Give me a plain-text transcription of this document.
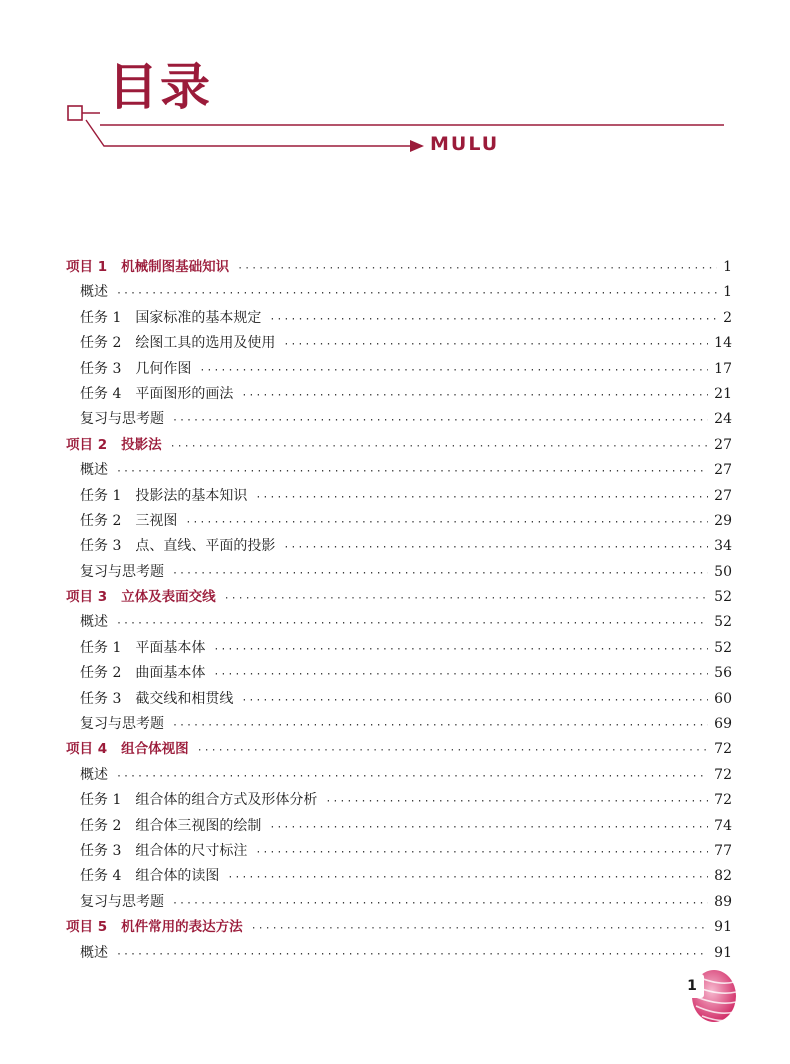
目录
MULU
项目 1 机械制图基础知识 ·····	1
概述 ·····	1
任务 1 国家标准的基本规定 ·····	2
任务 2 绘图工具的选用及使用 ·····	14
任务 3 几何作图 ·····	17
任务 4 平面图形的画法 ·····	21
复习与思考题 ·····	24
项目 2 投影法 ·····	27
概述 ·····	27
任务 1 投影法的基本知识 ·····	27
任务 2 三视图 ·····	29
任务 3 点、直线、平面的投影 ·····	34
复习与思考题 ·····	50
项目 3 立体及表面交线 ·····	52
概述 ·····	52
任务 1 平面基本体 ·····	52
任务 2 曲面基本体 ·····	56
任务 3 截交线和相贯线 ·····	60
复习与思考题 ·····	69
项目 4 组合体视图 ·····	72
概述 ·····	72
任务 1 组合体的组合方式及形体分析 ·····	72
任务 2 组合体三视图的绘制 ·····	74
任务 3 组合体的尺寸标注 ·····	77
任务 4 组合体的读图 ·····	82
复习与思考题 ·····	89
项目 5 机件常用的表达方法 ·····	91
概述 ·····	91
1
